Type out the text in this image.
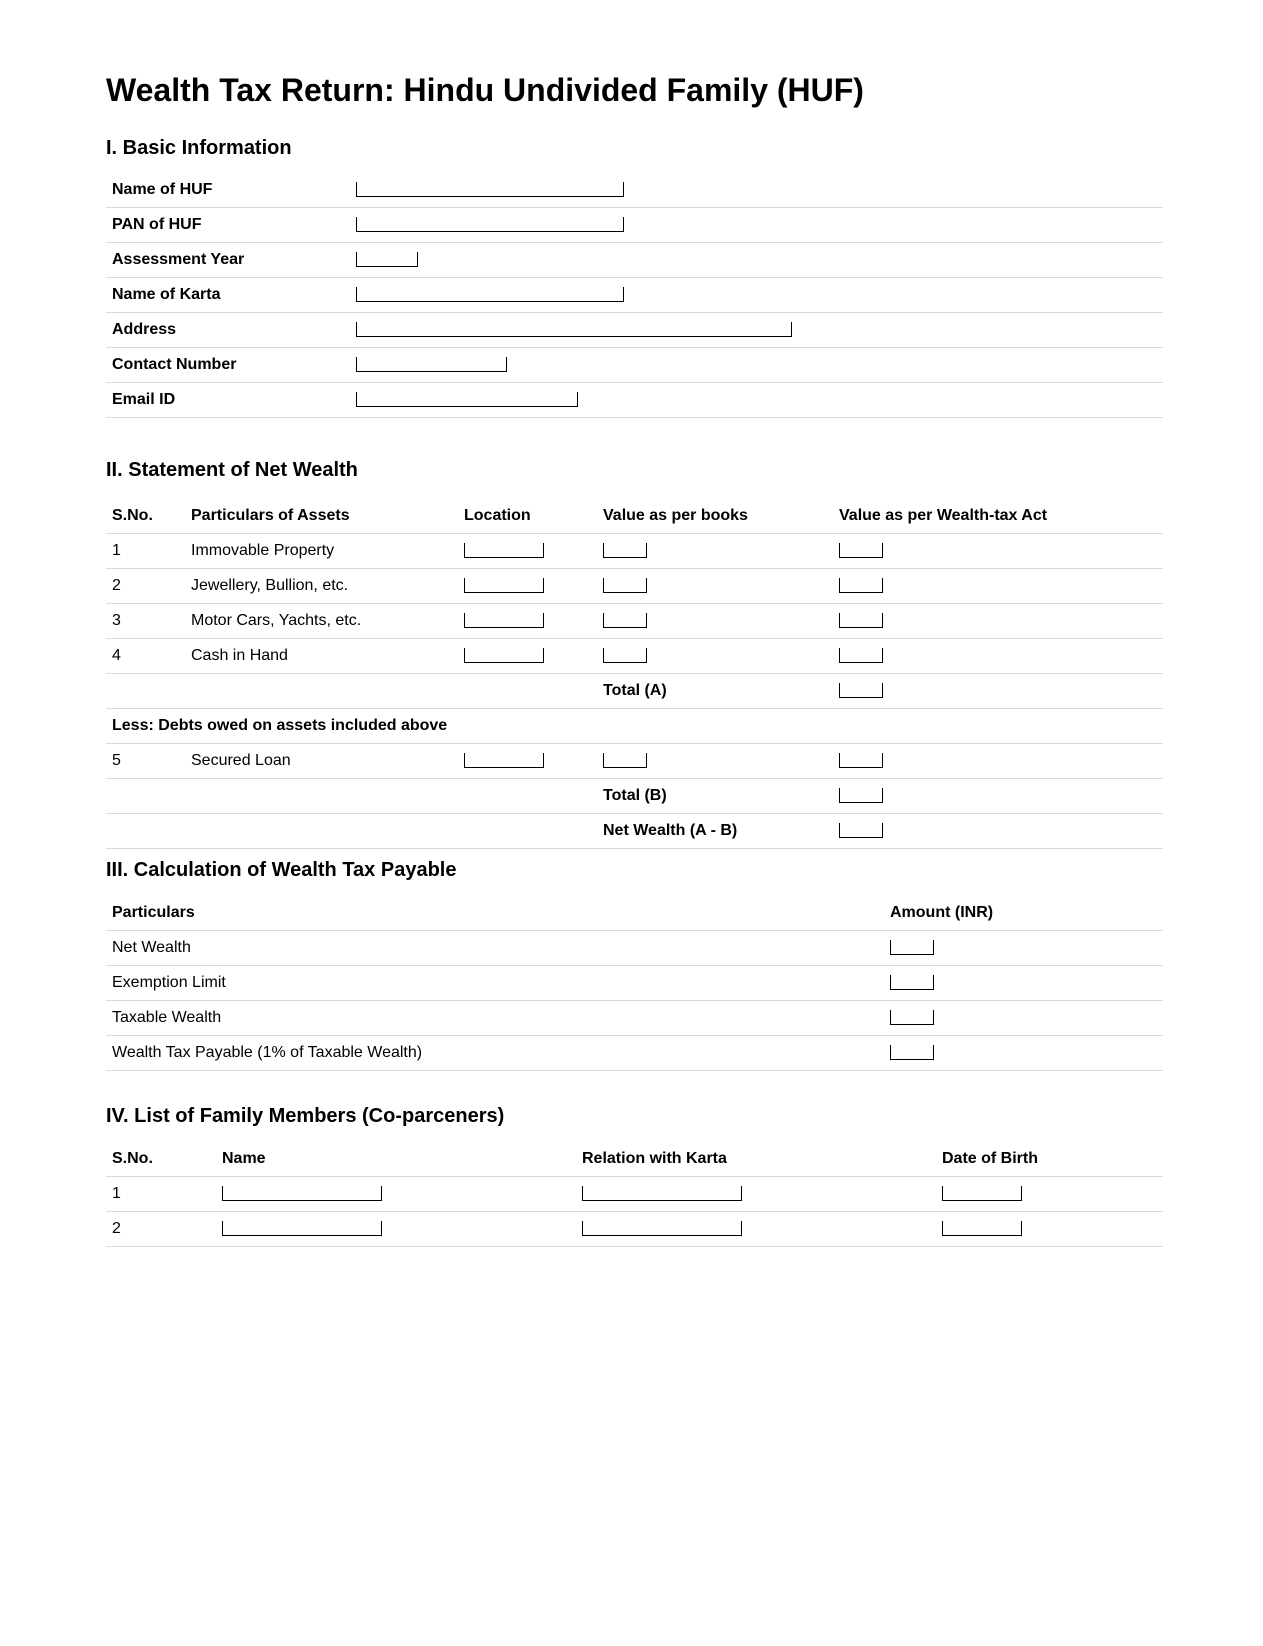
Wealth Tax Return: Hindu Undivided Family (HUF)
I. Basic Information
Name of HUF	
PAN of HUF	
Assessment Year	
Name of Karta	
Address	
Contact Number	
Email ID	
II. Statement of Net Wealth
S.No.	Particulars of Assets	Location	Value as per books	Value as per Wealth-tax Act
1	Immovable Property			
2	Jewellery, Bullion, etc.			
3	Motor Cars, Yachts, etc.			
4	Cash in Hand			
			Total (A)	
Less: Debts owed on assets included above				
5	Secured Loan			
			Total (B)	
			Net Wealth (A - B)	
III. Calculation of Wealth Tax Payable
Particulars	Amount (INR)
Net Wealth	
Exemption Limit	
Taxable Wealth	
Wealth Tax Payable (1% of Taxable Wealth)	
IV. List of Family Members (Co-parceners)
S.No.	Name	Relation with Karta	Date of Birth
1			
2			
